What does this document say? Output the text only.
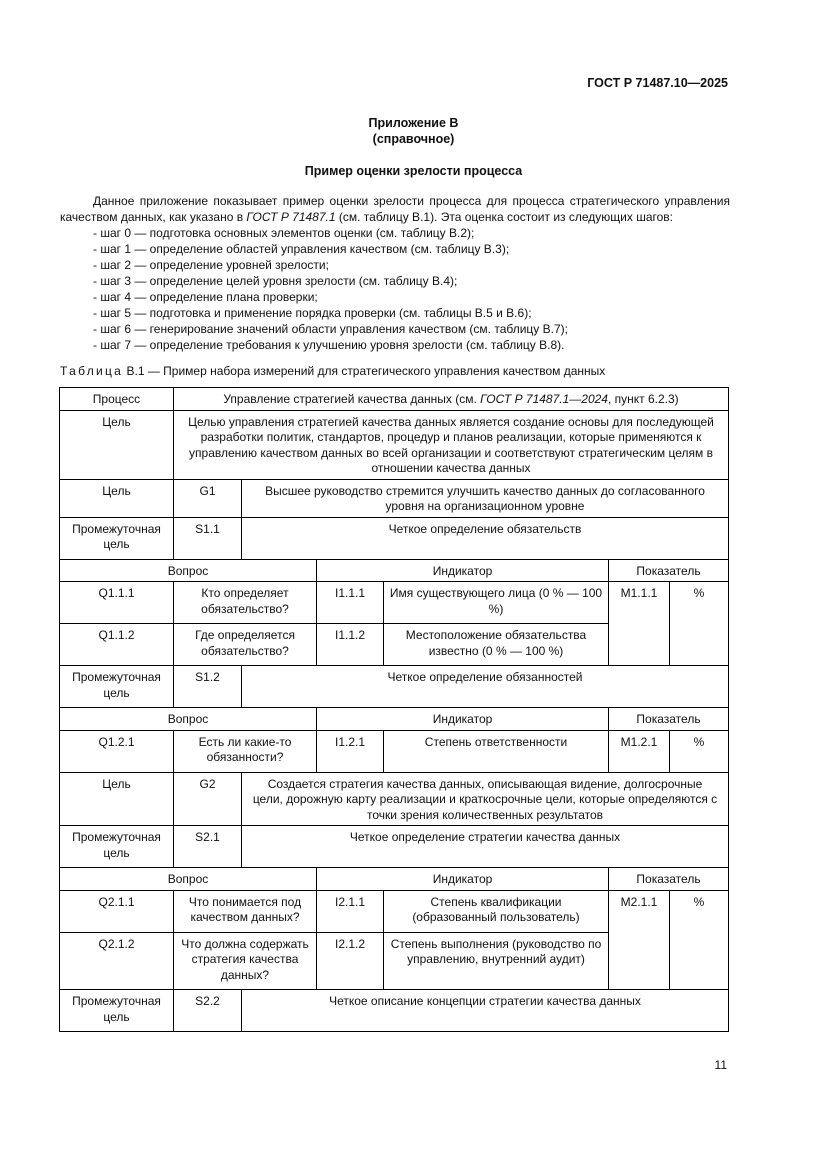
ГОСТ Р 71487.10—2025
Приложение В
(справочное)
Пример оценки зрелости процесса

Данное приложение показывает пример оценки зрелости процесса для процесса стратегического управления качеством данных, как указано в ГОСТ Р 71487.1 (см. таблицу В.1). Эта оценка состоит из следующих шагов:

- шаг 0 — подготовка основных элементов оценки (см. таблицу В.2);
- шаг 1 — определение областей управления качеством (см. таблицу В.3);
- шаг 2 — определение уровней зрелости;
- шаг 3 — определение целей уровня зрелости (см. таблицу В.4);
- шаг 4 — определение плана проверки;
- шаг 5 — подготовка и применение порядка проверки (см. таблицы В.5 и В.6);
- шаг 6 — генерирование значений области управления качеством (см. таблицу В.7);
- шаг 7 — определение требования к улучшению уровня зрелости (см. таблицу В.8).
Таблица В.1 — Пример набора измерений для стратегического управления качеством данных
Процесс	Управление стратегией качества данных (см. ГОСТ Р 71487.1—2024, пункт 6.2.3)					
Цель	Целью управления стратегией качества данных является создание основы для последующей разработки политик, стандартов, процедур и планов реализации, которые применяются к управлению качеством данных во всей организации и соответствуют стратегическим целям в отношении качества данных					
Цель	G1	Высшее руководство стремится улучшить качество данных до согласованного уровня на организационном уровне				
Промежуточная цель	S1.1	Четкое определение обязательств				
Вопрос			Индикатор		Показатель	
Q1.1.1	Кто определяет обязательство?		I1.1.1	Имя существующего лица (0 % — 100 %)	M1.1.1	%
Q1.1.2	Где определяется обязательство?		I1.1.2	Местоположение обязательства известно (0 % — 100 %)		
Промежуточная цель	S1.2	Четкое определение обязанностей				
Вопрос			Индикатор		Показатель	
Q1.2.1	Есть ли какие-то обязанности?		I1.2.1	Степень ответственности	M1.2.1	%
Цель	G2	Создается стратегия качества данных, описывающая видение, долгосрочные цели, дорожную карту реализации и краткосрочные цели, которые определяются с точки зрения количественных результатов				
Промежуточная цель	S2.1	Четкое определение стратегии качества данных				
Вопрос			Индикатор		Показатель	
Q2.1.1	Что понимается под качеством данных?		I2.1.1	Степень квалификации (образованный пользователь)	M2.1.1	%
Q2.1.2	Что должна содержать стратегия качества данных?		I2.1.2	Степень выполнения (руководство по управлению, внутренний аудит)		
Промежуточная цель	S2.2	Четкое описание концепции стратегии качества данных				
11
